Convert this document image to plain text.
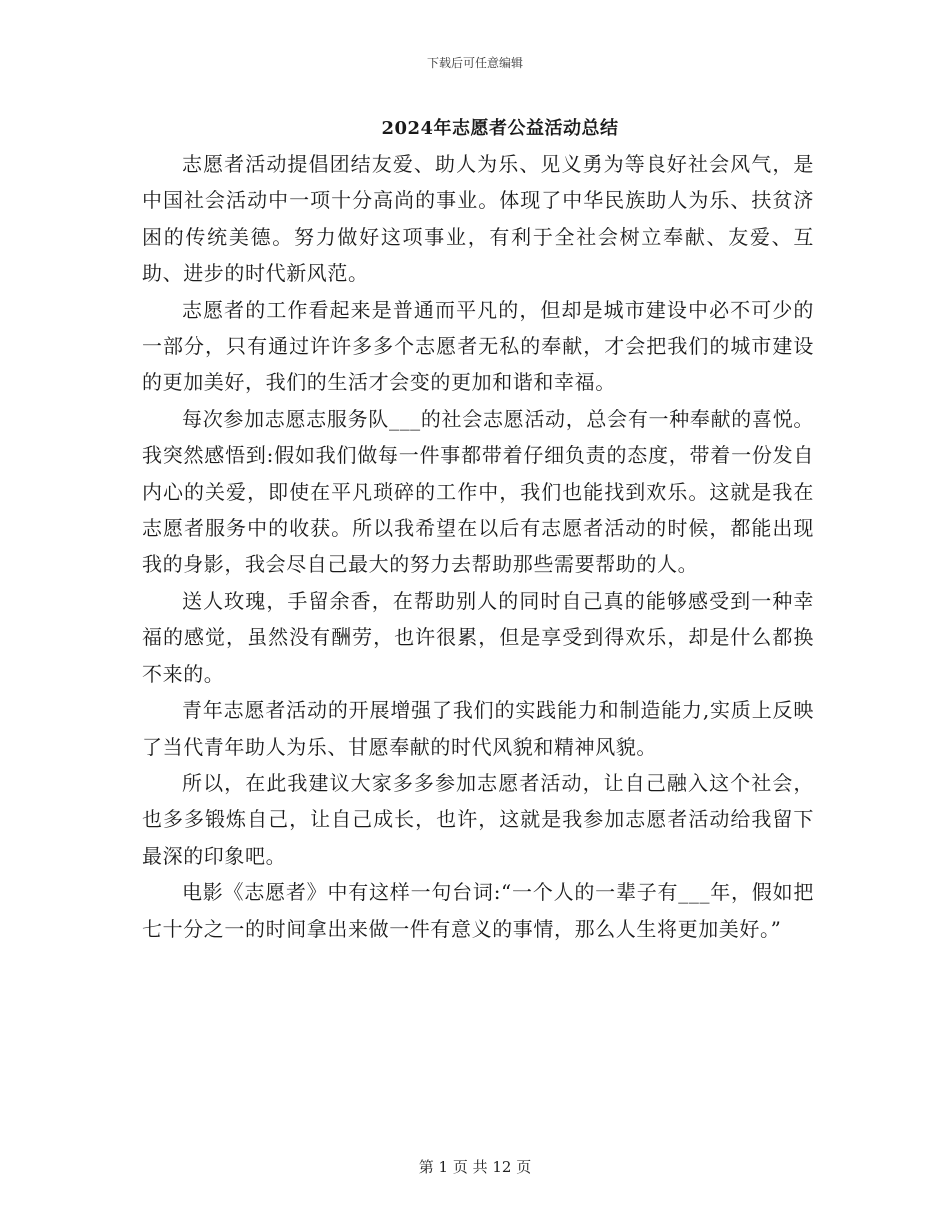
下载后可任意编辑
2024年志愿者公益活动总结

志愿者活动提倡团结友爱、助人为乐、见义勇为等良好社会风气，是中国社会活动中一项十分高尚的事业。体现了中华民族助人为乐、扶贫济困的传统美德。努力做好这项事业，有利于全社会树立奉献、友爱、互助、进步的时代新风范。

志愿者的工作看起来是普通而平凡的，但却是城市建设中必不可少的一部分，只有通过许许多多个志愿者无私的奉献，才会把我们的城市建设的更加美好，我们的生活才会变的更加和谐和幸福。

每次参加志愿志服务队___的社会志愿活动，总会有一种奉献的喜悦。我突然感悟到:假如我们做每一件事都带着仔细负责的态度，带着一份发自内心的关爱，即使在平凡琐碎的工作中，我们也能找到欢乐。这就是我在志愿者服务中的收获。所以我希望在以后有志愿者活动的时候，都能出现我的身影，我会尽自己最大的努力去帮助那些需要帮助的人。

送人玫瑰，手留余香，在帮助别人的同时自己真的能够感受到一种幸福的感觉，虽然没有酬劳，也许很累，但是享受到得欢乐，却是什么都换不来的。

青年志愿者活动的开展增强了我们的实践能力和制造能力,实质上反映了当代青年助人为乐、甘愿奉献的时代风貌和精神风貌。

所以，在此我建议大家多多参加志愿者活动，让自己融入这个社会，也多多锻炼自己，让自己成长，也许，这就是我参加志愿者活动给我留下最深的印象吧。

电影《志愿者》中有这样一句台词:“一个人的一辈子有___年，假如把七十分之一的时间拿出来做一件有意义的事情，那么人生将更加美好。”

第 1 页 共 12 页
